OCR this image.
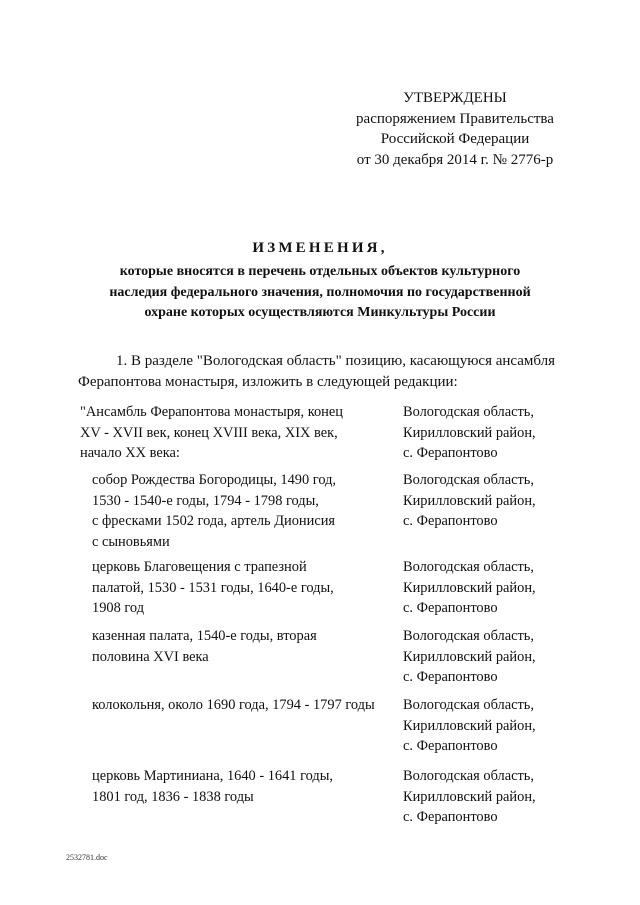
УТВЕРЖДЕНЫ
распоряжением Правительства
Российской Федерации
от 30 декабря 2014 г. № 2776-р
ИЗМЕНЕНИЯ,
которые вносятся в перечень отдельных объектов культурного
наследия федерального значения, полномочия по государственной
охране которых осуществляются Минкультуры России
1. В разделе "Вологодская область" позицию, касающуюся ансамбля
Ферапонтова монастыря, изложить в следующей редакции:
"Ансамбль Ферапонтова монастыря, конец
XV - XVII век, конец XVIII века, XIX век,
начало XX века:
Вологодская область,
Кирилловский район,
с. Ферапонтово
собор Рождества Богородицы, 1490 год,
1530 - 1540-е годы, 1794 - 1798 годы,
с фресками 1502 года, артель Дионисия
с сыновьями
Вологодская область,
Кирилловский район,
с. Ферапонтово
церковь Благовещения с трапезной
палатой, 1530 - 1531 годы, 1640-е годы,
1908 год
Вологодская область,
Кирилловский район,
с. Ферапонтово
казенная палата, 1540-е годы, вторая
половина XVI века
Вологодская область,
Кирилловский район,
с. Ферапонтово
колокольня, около 1690 года, 1794 - 1797 годы	Вологодская область,
Кирилловский район,
с. Ферапонтово
церковь Мартиниана, 1640 - 1641 годы,
1801 год, 1836 - 1838 годы
Вологодская область,
Кирилловский район,
с. Ферапонтово
2532781.doc
